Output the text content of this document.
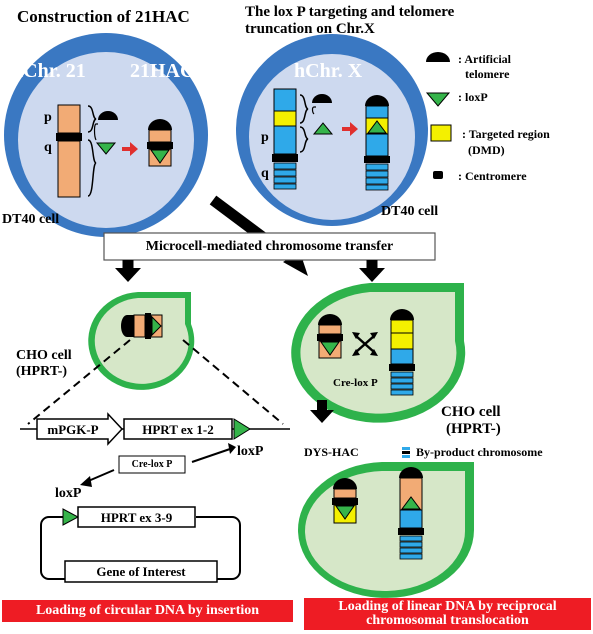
Construction of 21HAC	The lox P targeting and telomere
truncation on Chr.X
hChr. 21 21HAC
p
q
DT40 cell
hChr. X
p
q
DT40 cell
: Artificial
telomere
: loxP
: Targeted region
(DMD)
: Centromere
Microcell-mediated chromosome transfer
CHO cell
(HPRT-)
Cre-lox P
CHO cell
(HPRT-)
mPGK-P	HPRT ex 1-2
Cre-lox P
loxP
loxP
HPRT ex 3-9
Gene of Interest
DYS-HAC	By-product chromosome
Loading of circular DNA by insertion	Loading of linear DNA by reciprocal
chromosomal translocation
